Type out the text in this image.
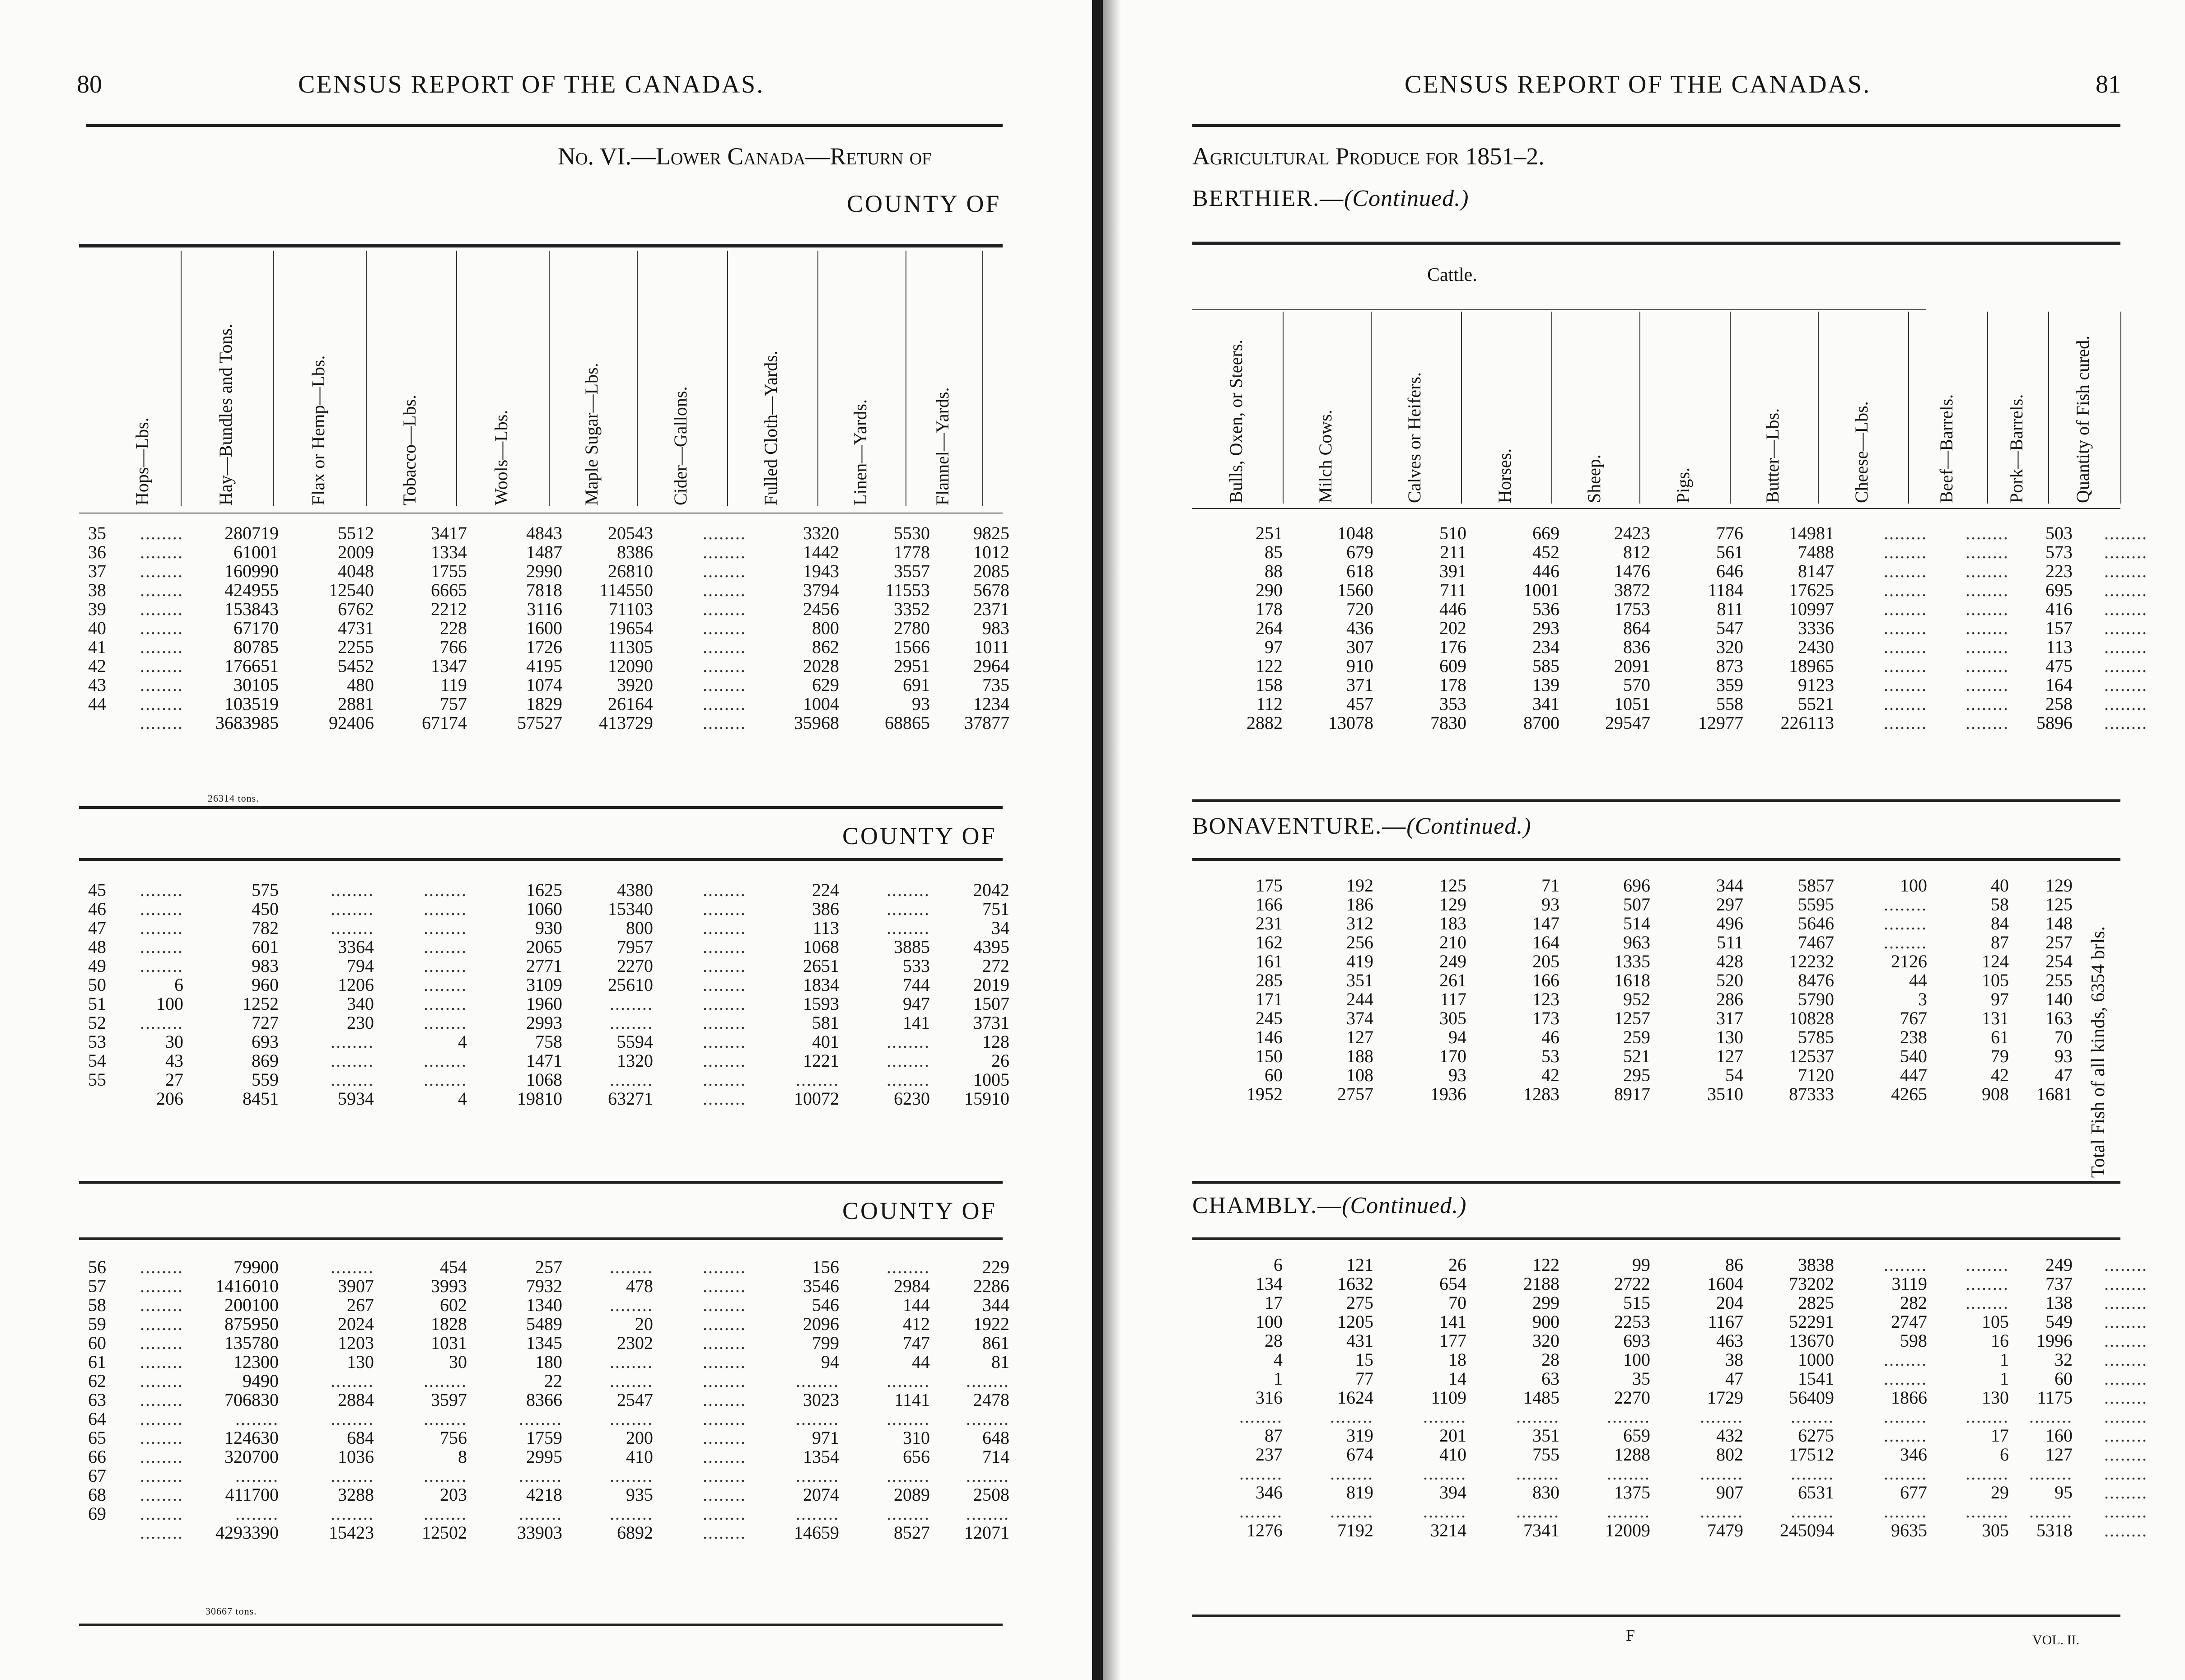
80	CENSUS REPORT OF THE CANADAS.
No. VI.—Lower Canada—Return of
COUNTY OF
Hops—Lbs.	Hay—Bundles and Tons.	Flax or Hemp—Lbs.	Tobacco—Lbs.	Wools—Lbs.	Maple Sugar—Lbs.	Cider—Gallons.	Fulled Cloth—Yards.	Linen—Yards.	Flannel—Yards.
35	........	280719	5512	3417	4843	20543	........	3320	5530	9825
36	........	61001	2009	1334	1487	8386	........	1442	1778	1012
37	........	160990	4048	1755	2990	26810	........	1943	3557	2085
38	........	424955	12540	6665	7818	114550	........	3794	11553	5678
39	........	153843	6762	2212	3116	71103	........	2456	3352	2371
40	........	67170	4731	228	1600	19654	........	800	2780	983
41	........	80785	2255	766	1726	11305	........	862	1566	1011
42	........	176651	5452	1347	4195	12090	........	2028	2951	2964
43	........	30105	480	119	1074	3920	........	629	691	735
44	........	103519	2881	757	1829	26164	........	1004	93	1234
	........	3683985	92406	67174	57527	413729	........	35968	68865	37877
26314 tons.
COUNTY OF
45	........	575	........	........	1625	4380	........	224	........	2042
46	........	450	........	........	1060	15340	........	386	........	751
47	........	782	........	........	930	800	........	113	........	34
48	........	601	3364	........	2065	7957	........	1068	3885	4395
49	........	983	794	........	2771	2270	........	2651	533	272
50	6	960	1206	........	3109	25610	........	1834	744	2019
51	100	1252	340	........	1960	........	........	1593	947	1507
52	........	727	230	........	2993	........	........	581	141	3731
53	30	693	........	4	758	5594	........	401	........	128
54	43	869	........	........	1471	1320	........	1221	........	26
55	27	559	........	........	1068	........	........	........	........	1005
	206	8451	5934	4	19810	63271	........	10072	6230	15910
COUNTY OF
56	........	79900	........	454	257	........	........	156	........	229
57	........	1416010	3907	3993	7932	478	........	3546	2984	2286
58	........	200100	267	602	1340	........	........	546	144	344
59	........	875950	2024	1828	5489	20	........	2096	412	1922
60	........	135780	1203	1031	1345	2302	........	799	747	861
61	........	12300	130	30	180	........	........	94	44	81
62	........	9490	........	........	22	........	........	........	........	........
63	........	706830	2884	3597	8366	2547	........	3023	1141	2478
64	........	........	........	........	........	........	........	........	........	........
65	........	124630	684	756	1759	200	........	971	310	648
66	........	320700	1036	8	2995	410	........	1354	656	714
67	........	........	........	........	........	........	........	........	........	........
68	........	411700	3288	203	4218	935	........	2074	2089	2508
69	........	........	........	........	........	........	........	........	........	........
	........	4293390	15423	12502	33903	6892	........	14659	8527	12071
30667 tons.
CENSUS REPORT OF THE CANADAS.	81
Agricultural Produce for 1851–2.
BERTHIER.—(Continued.)
Cattle.
Bulls, Oxen, or Steers.	Milch Cows.	Calves or Heifers.	Horses.	Sheep.	Pigs.	Butter—Lbs.	Cheese—Lbs.	Beef—Barrels.	Pork—Barrels.	Quantity of Fish cured.
251	1048	510	669	2423	776	14981	........	........	503	........
85	679	211	452	812	561	7488	........	........	573	........
88	618	391	446	1476	646	8147	........	........	223	........
290	1560	711	1001	3872	1184	17625	........	........	695	........
178	720	446	536	1753	811	10997	........	........	416	........
264	436	202	293	864	547	3336	........	........	157	........
97	307	176	234	836	320	2430	........	........	113	........
122	910	609	585	2091	873	18965	........	........	475	........
158	371	178	139	570	359	9123	........	........	164	........
112	457	353	341	1051	558	5521	........	........	258	........
2882	13078	7830	8700	29547	12977	226113	........	........	5896	........
BONAVENTURE.—(Continued.)
175	192	125	71	696	344	5857	100	40	129
166	186	129	93	507	297	5595	........	58	125
231	312	183	147	514	496	5646	........	84	148
162	256	210	164	963	511	7467	........	87	257
161	419	249	205	1335	428	12232	2126	124	254
285	351	261	166	1618	520	8476	44	105	255
171	244	117	123	952	286	5790	3	97	140
245	374	305	173	1257	317	10828	767	131	163
146	127	94	46	259	130	5785	238	61	70
150	188	170	53	521	127	12537	540	79	93
60	108	93	42	295	54	7120	447	42	47
1952	2757	1936	1283	8917	3510	87333	4265	908	1681 Total Fish of all kinds, 6354 brls.
CHAMBLY.—(Continued.)
6	121	26	122	99	86	3838	........	........	249	........
134	1632	654	2188	2722	1604	73202	3119	........	737	........
17	275	70	299	515	204	2825	282	........	138	........
100	1205	141	900	2253	1167	52291	2747	105	549	........
28	431	177	320	693	463	13670	598	16	1996	........
4	15	18	28	100	38	1000	........	1	32	........
1	77	14	63	35	47	1541	........	1	60	........
316	1624	1109	1485	2270	1729	56409	1866	130	1175	........
........	........	........	........	........	........	........	........	........	........	........
87	319	201	351	659	432	6275	........	17	160	........
237	674	410	755	1288	802	17512	346	6	127	........
........	........	........	........	........	........	........	........	........	........	........
346	819	394	830	1375	907	6531	677	29	95	........
........	........	........	........	........	........	........	........	........	........	........
1276	7192	3214	7341	12009	7479	245094	9635	305	5318	........
F	VOL. II.
